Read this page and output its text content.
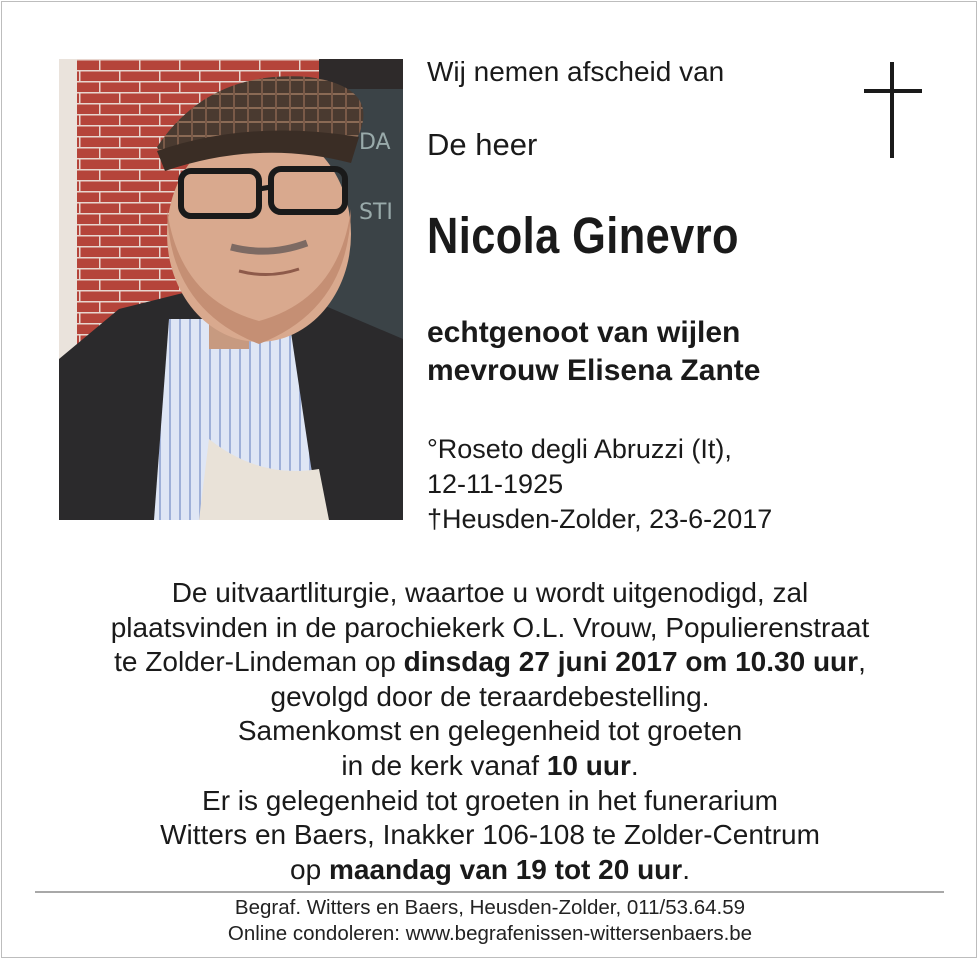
DA
STI
Wij nemen afscheid van
De heer
Nicola Ginevro
echtgenoot van wijlen
mevrouw Elisena Zante
°Roseto degli Abruzzi (It),
12-11-1925
†Heusden-Zolder, 23-6-2017
De uitvaartliturgie, waartoe u wordt uitgenodigd, zal
plaatsvinden in de parochiekerk O.L. Vrouw, Populierenstraat
te Zolder-Lindeman op dinsdag 27 juni 2017 om 10.30 uur,
gevolgd door de teraardebestelling.
Samenkomst en gelegenheid tot groeten
in de kerk vanaf 10 uur.
Er is gelegenheid tot groeten in het funerarium
Witters en Baers, Inakker 106-108 te Zolder-Centrum
op maandag van 19 tot 20 uur.
Begraf. Witters en Baers, Heusden-Zolder, 011/53.64.59
Online condoleren: www.begrafenissen-wittersenbaers.be
